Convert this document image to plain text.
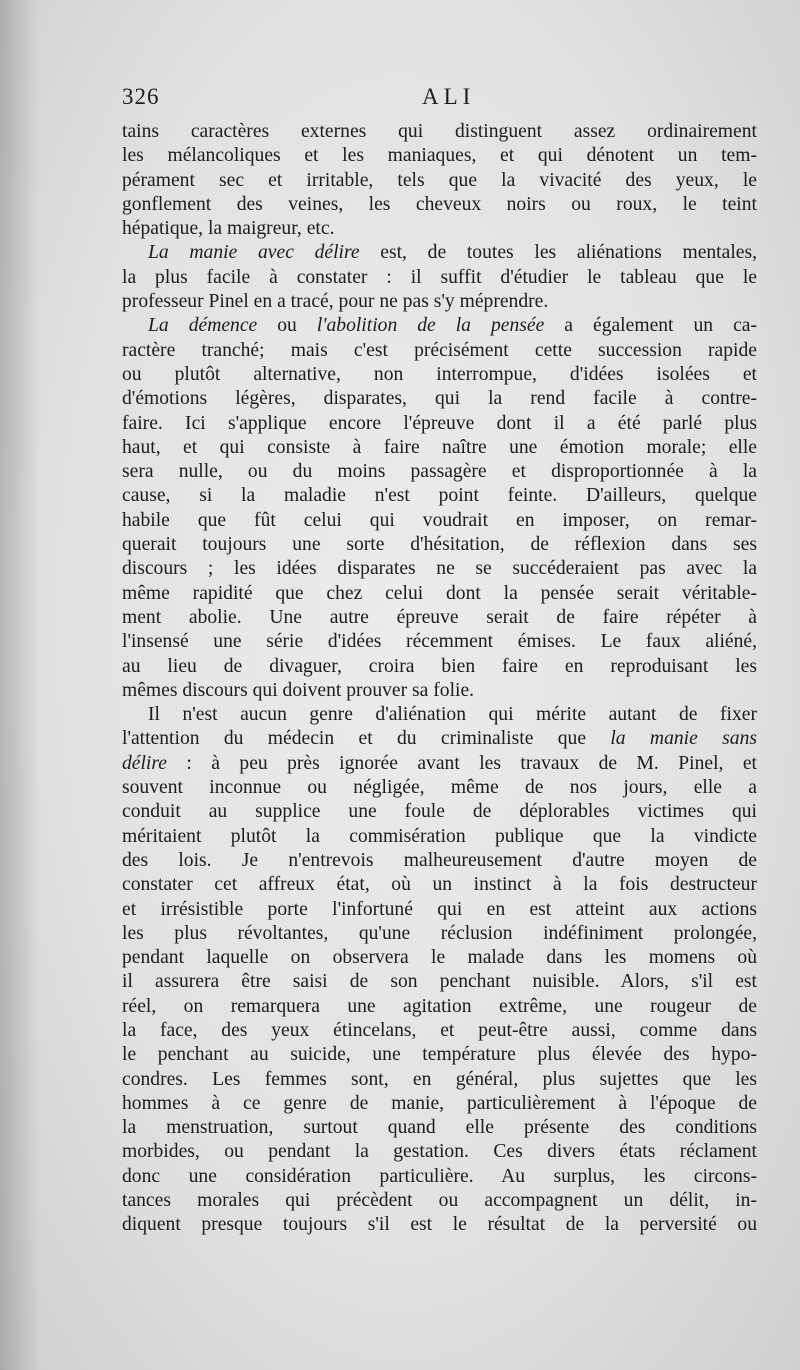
326	ALI
tains caractères externes qui distinguent assez ordinairement
les mélancoliques et les maniaques, et qui dénotent un tem-
pérament sec et irritable, tels que la vivacité des yeux, le
gonflement des veines, les cheveux noirs ou roux, le teint
hépatique, la maigreur, etc.
La manie avec délire est, de toutes les aliénations mentales,
la plus facile à constater : il suffit d'étudier le tableau que le
professeur Pinel en a tracé, pour ne pas s'y méprendre.
La démence ou l'abolition de la pensée a également un ca-
ractère tranché; mais c'est précisément cette succession rapide
ou plutôt alternative, non interrompue, d'idées isolées et
d'émotions légères, disparates, qui la rend facile à contre-
faire. Ici s'applique encore l'épreuve dont il a été parlé plus
haut, et qui consiste à faire naître une émotion morale; elle
sera nulle, ou du moins passagère et disproportionnée à la
cause, si la maladie n'est point feinte. D'ailleurs, quelque
habile que fût celui qui voudrait en imposer, on remar-
querait toujours une sorte d'hésitation, de réflexion dans ses
discours ; les idées disparates ne se succéderaient pas avec la
même rapidité que chez celui dont la pensée serait véritable-
ment abolie. Une autre épreuve serait de faire répéter à
l'insensé une série d'idées récemment émises. Le faux aliéné,
au lieu de divaguer, croira bien faire en reproduisant les
mêmes discours qui doivent prouver sa folie.
Il n'est aucun genre d'aliénation qui mérite autant de fixer
l'attention du médecin et du criminaliste que la manie sans
délire : à peu près ignorée avant les travaux de M. Pinel, et
souvent inconnue ou négligée, même de nos jours, elle a
conduit au supplice une foule de déplorables victimes qui
méritaient plutôt la commisération publique que la vindicte
des lois. Je n'entrevois malheureusement d'autre moyen de
constater cet affreux état, où un instinct à la fois destructeur
et irrésistible porte l'infortuné qui en est atteint aux actions
les plus révoltantes, qu'une réclusion indéfiniment prolongée,
pendant laquelle on observera le malade dans les momens où
il assurera être saisi de son penchant nuisible. Alors, s'il est
réel, on remarquera une agitation extrême, une rougeur de
la face, des yeux étincelans, et peut-être aussi, comme dans
le penchant au suicide, une température plus élevée des hypo-
condres. Les femmes sont, en général, plus sujettes que les
hommes à ce genre de manie, particulièrement à l'époque de
la menstruation, surtout quand elle présente des conditions
morbides, ou pendant la gestation. Ces divers états réclament
donc une considération particulière. Au surplus, les circons-
tances morales qui précèdent ou accompagnent un délit, in-
diquent presque toujours s'il est le résultat de la perversité ou
